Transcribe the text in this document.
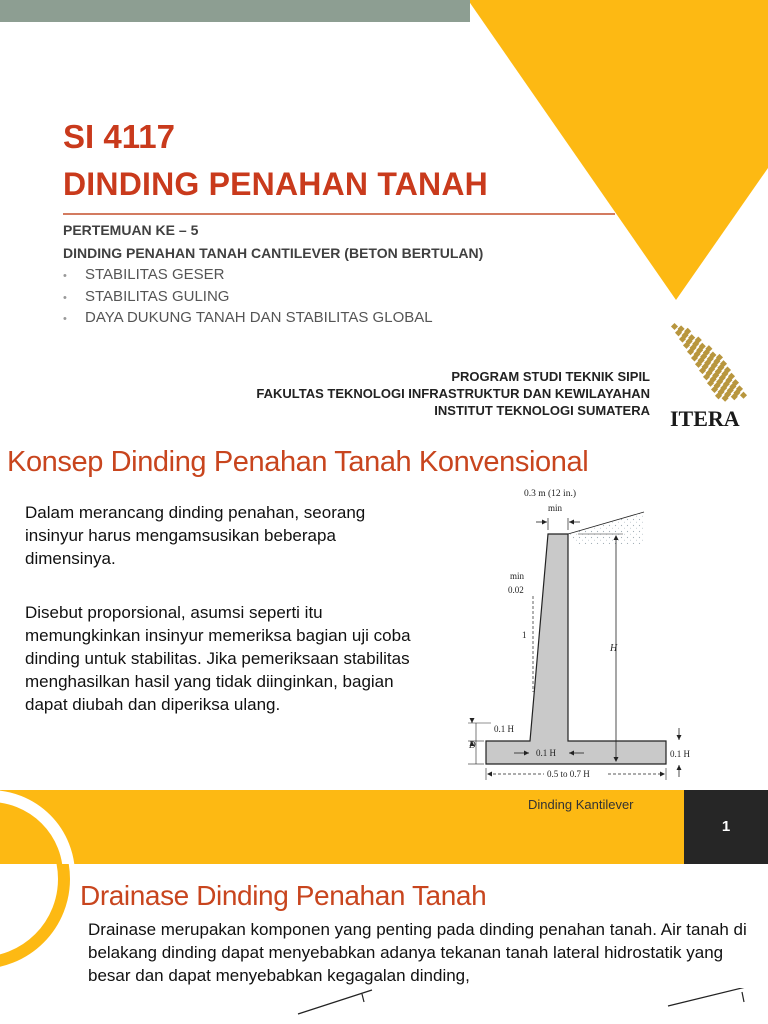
SI 4117
DINDING PENAHAN TANAH
PERTEMUAN KE – 5
DINDING PENAHAN TANAH CANTILEVER (BETON BERTULAN)
• STABILITAS GESER
• STABILITAS GULING
• DAYA DUKUNG TANAH DAN STABILITAS GLOBAL
PROGRAM STUDI TEKNIK SIPIL
FAKULTAS TEKNOLOGI INFRASTRUKTUR DAN KEWILAYAHAN
INSTITUT TEKNOLOGI SUMATERA ITERA
Konsep Dinding Penahan Tanah Konvensional

Dalam merancang dinding penahan, seorang insinyur harus mengamsusikan beberapa dimensinya.

Disebut proporsional, asumsi seperti itu memungkinkan insinyur memeriksa bagian uji coba dinding untuk stabilitas. Jika pemeriksaan stabilitas menghasilkan hasil yang tidak diinginkan, bagian dapat diubah dan diperiksa ulang.

0.3 m (12 in.)
min
min
0.02
1
H
0.1 H
D
0.1 H	0.1 H
0.5 to 0.7 H
Dinding Kantilever
1
Drainase Dinding Penahan Tanah

Drainase merupakan komponen yang penting pada dinding penahan tanah. Air tanah di belakang dinding dapat menyebabkan adanya tekanan tanah lateral hidrostatik yang besar dan dapat menyebabkan kegagalan dinding,
